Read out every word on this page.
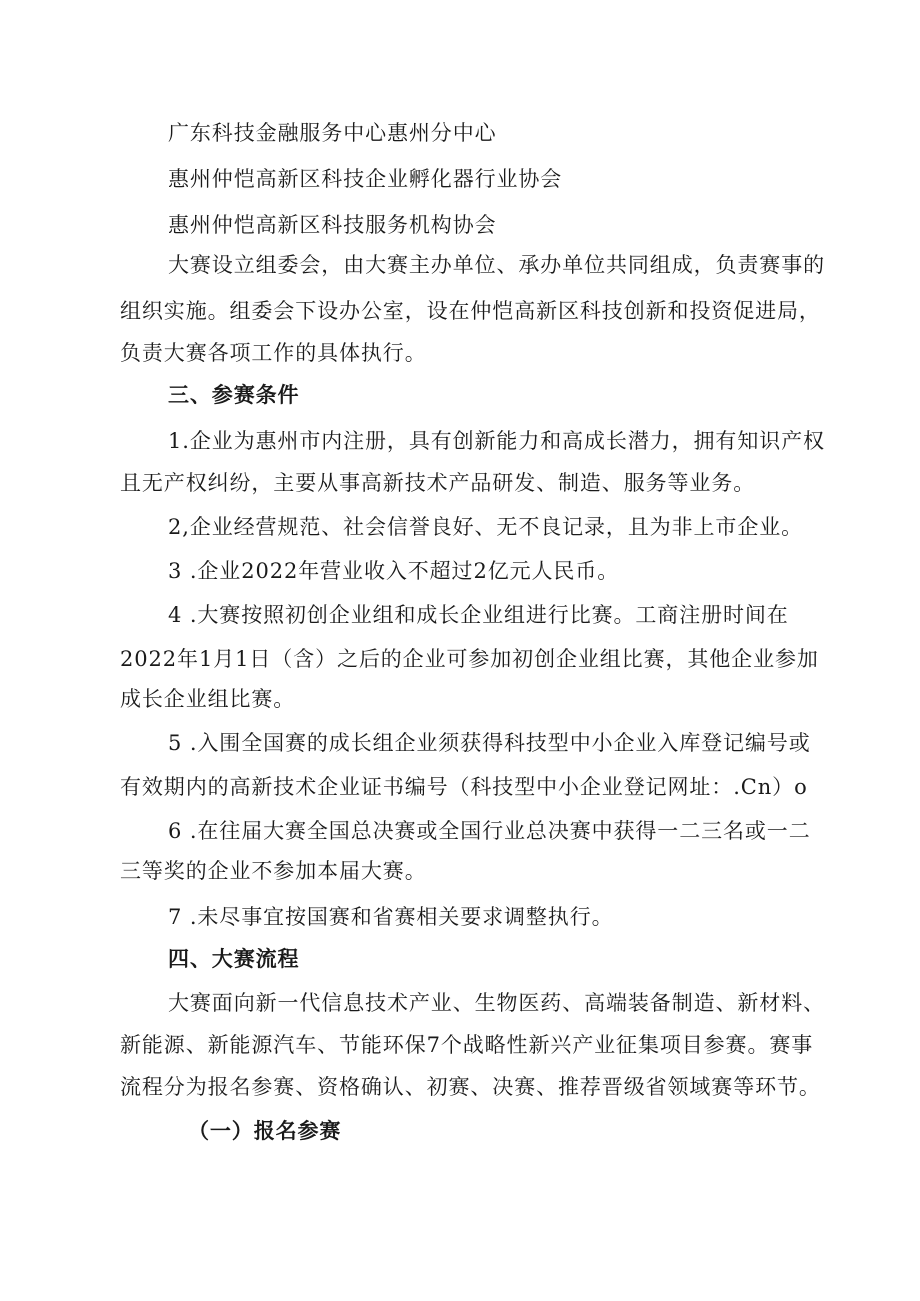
广东科技金融服务中心惠州分中心

惠州仲恺高新区科技企业孵化器行业协会

惠州仲恺高新区科技服务机构协会

大赛设立组委会，由大赛主办单位、承办单位共同组成，负责赛事的

组织实施。组委会下设办公室，设在仲恺高新区科技创新和投资促进局，

负责大赛各项工作的具体执行。

三、参赛条件

1.企业为惠州市内注册，具有创新能力和高成长潜力，拥有知识产权

且无产权纠纷，主要从事高新技术产品研发、制造、服务等业务。

2,企业经营规范、社会信誉良好、无不良记录，且为非上市企业。

3 .企业2022年营业收入不超过2亿元人民币。

4 .大赛按照初创企业组和成长企业组进行比赛。工商注册时间在

2022年1月1日（含）之后的企业可参加初创企业组比赛，其他企业参加

成长企业组比赛。

5 .入围全国赛的成长组企业须获得科技型中小企业入库登记编号或

有效期内的高新技术企业证书编号（科技型中小企业登记网址：.Cn）o

6 .在往届大赛全国总决赛或全国行业总决赛中获得一二三名或一二

三等奖的企业不参加本届大赛。

7 .未尽事宜按国赛和省赛相关要求调整执行。

四、大赛流程

大赛面向新一代信息技术产业、生物医药、高端装备制造、新材料、

新能源、新能源汽车、节能环保7个战略性新兴产业征集项目参赛。赛事

流程分为报名参赛、资格确认、初赛、决赛、推荐晋级省领域赛等环节。

（一）报名参赛
